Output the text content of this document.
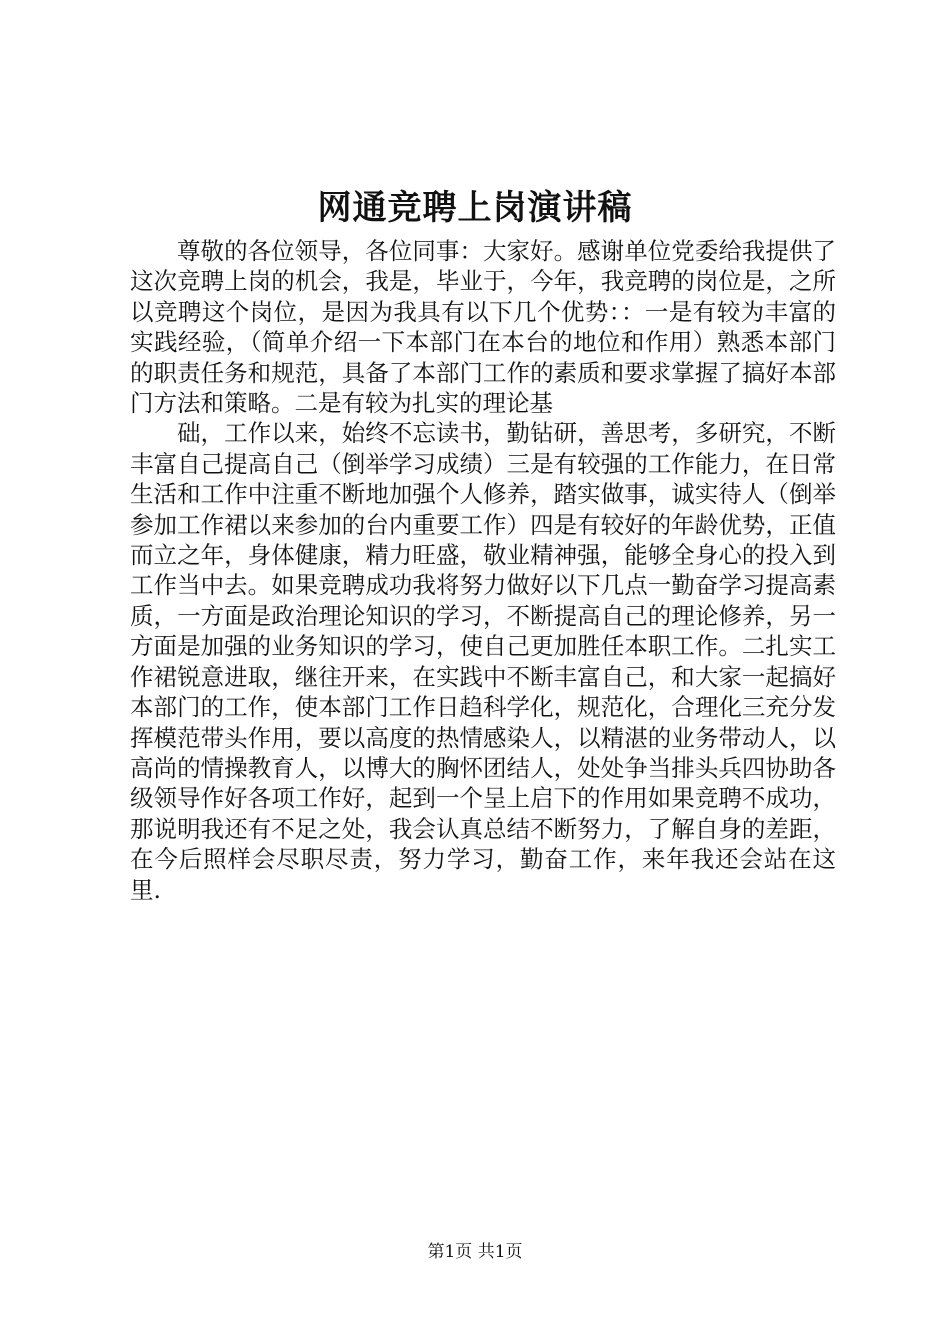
网通竞聘上岗演讲稿

尊敬的各位领导，各位同事：大家好。感谢单位党委给我提供了这次竞聘上岗的机会，我是，毕业于，今年，我竞聘的岗位是，之所以竞聘这个岗位，是因为我具有以下几个优势：：一是有较为丰富的实践经验，（简单介绍一下本部门在本台的地位和作用）熟悉本部门的职责任务和规范，具备了本部门工作的素质和要求掌握了搞好本部门方法和策略。二是有较为扎实的理论基

础，工作以来，始终不忘读书，勤钻研，善思考，多研究，不断丰富自己提高自己（倒举学习成绩）三是有较强的工作能力，在日常生活和工作中注重不断地加强个人修养，踏实做事，诚实待人（倒举参加工作裙以来参加的台内重要工作）四是有较好的年龄优势，正值而立之年，身体健康，精力旺盛，敬业精神强，能够全身心的投入到工作当中去。如果竞聘成功我将努力做好以下几点一勤奋学习提高素质，一方面是政治理论知识的学习，不断提高自己的理论修养，另一方面是加强的业务知识的学习，使自己更加胜任本职工作。二扎实工作裙锐意进取，继往开来，在实践中不断丰富自己，和大家一起搞好本部门的工作，使本部门工作日趋科学化，规范化，合理化三充分发挥模范带头作用，要以高度的热情感染人，以精湛的业务带动人，以高尚的情操教育人，以博大的胸怀团结人，处处争当排头兵四协助各级领导作好各项工作好，起到一个呈上启下的作用如果竞聘不成功，那说明我还有不足之处，我会认真总结不断努力，了解自身的差距，在今后照样会尽职尽责，努力学习，勤奋工作，来年我还会站在这里.

第1页 共1页
